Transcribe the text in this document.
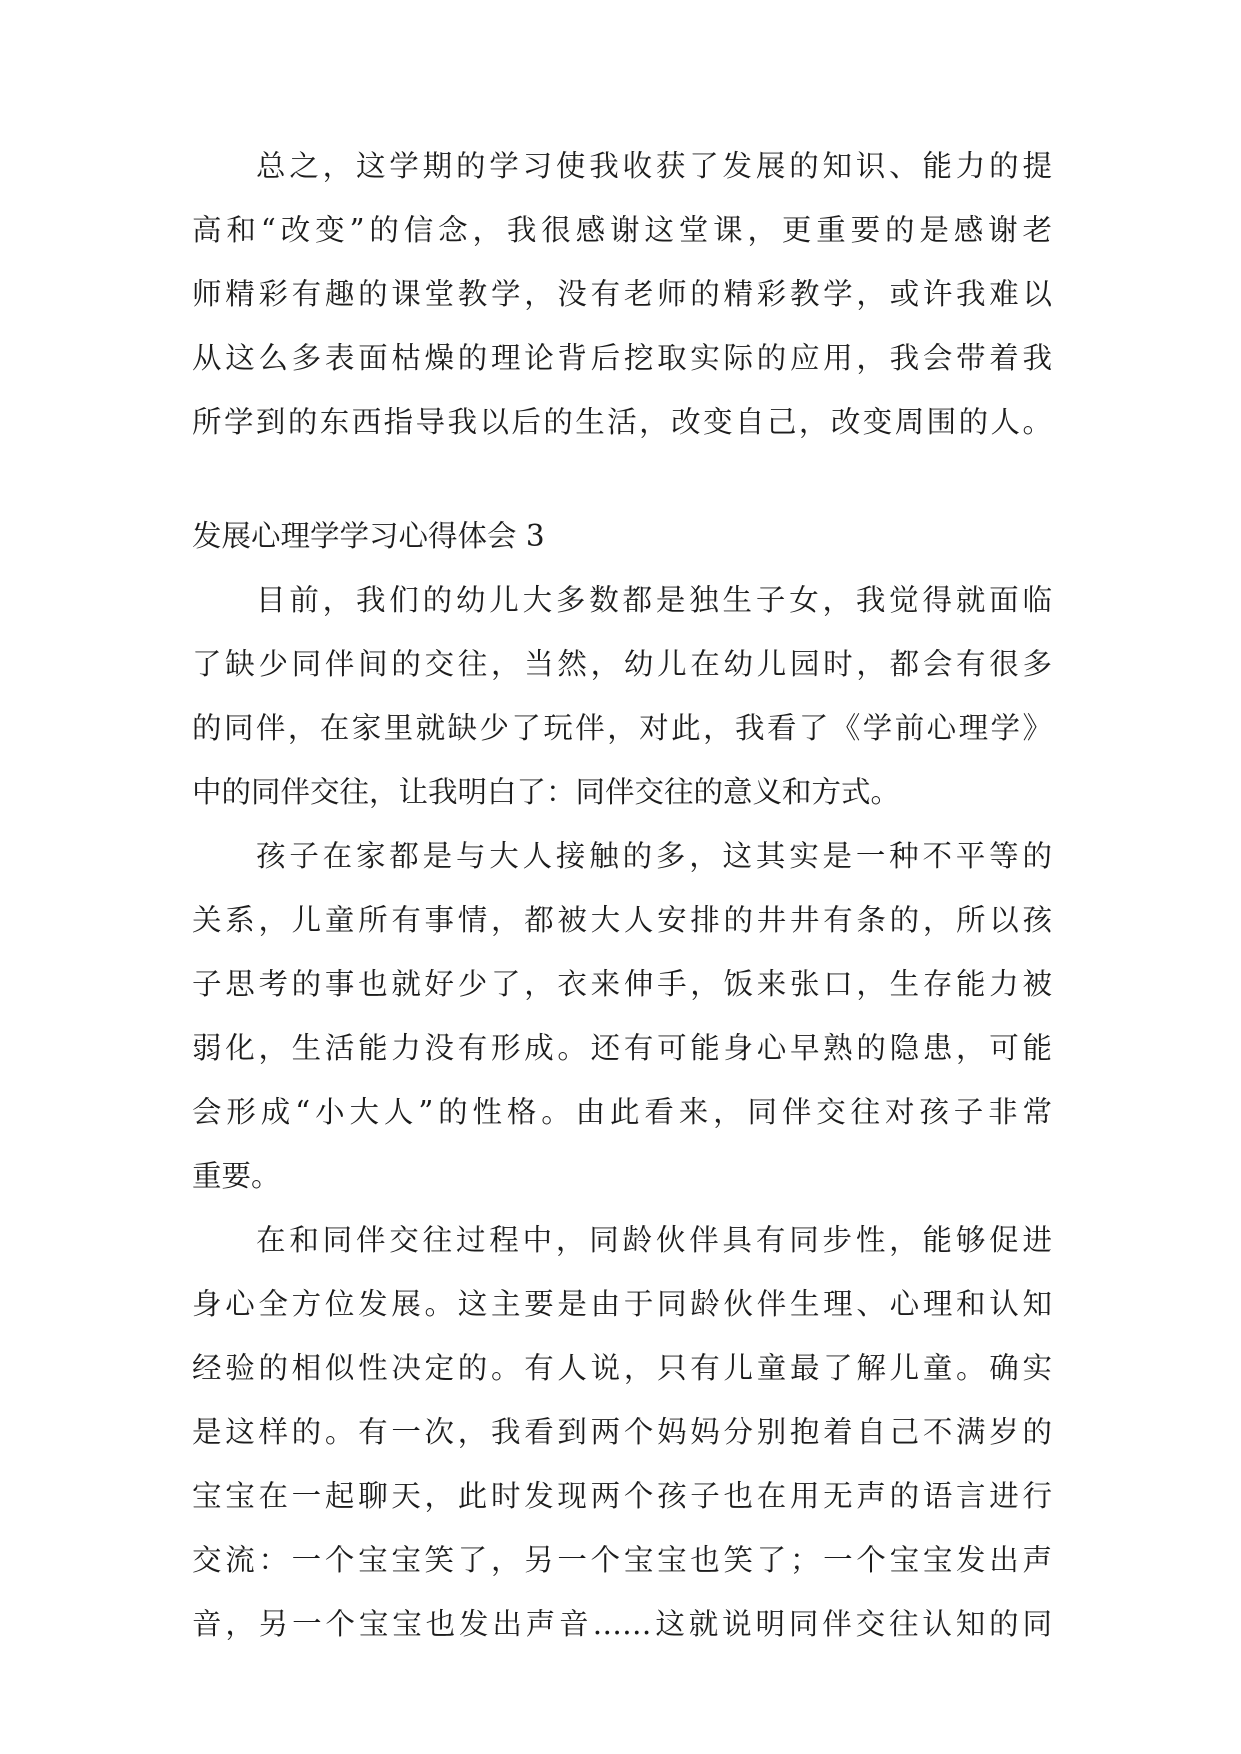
总之，这学期的学习使我收获了发展的知识、能力的提
高和“改变”的信念，我很感谢这堂课，更重要的是感谢老
师精彩有趣的课堂教学，没有老师的精彩教学，或许我难以
从这么多表面枯燥的理论背后挖取实际的应用，我会带着我
所学到的东西指导我以后的生活，改变自己，改变周围的人。
发展心理学学习心得体会 3
目前，我们的幼儿大多数都是独生子女，我觉得就面临
了缺少同伴间的交往，当然，幼儿在幼儿园时，都会有很多
的同伴，在家里就缺少了玩伴，对此，我看了《学前心理学》
中的同伴交往，让我明白了：同伴交往的意义和方式。
孩子在家都是与大人接触的多，这其实是一种不平等的
关系，儿童所有事情，都被大人安排的井井有条的，所以孩
子思考的事也就好少了，衣来伸手，饭来张口，生存能力被
弱化，生活能力没有形成。还有可能身心早熟的隐患，可能
会形成“小大人”的性格。由此看来，同伴交往对孩子非常
重要。
在和同伴交往过程中，同龄伙伴具有同步性，能够促进
身心全方位发展。这主要是由于同龄伙伴生理、心理和认知
经验的相似性决定的。有人说，只有儿童最了解儿童。确实
是这样的。有一次，我看到两个妈妈分别抱着自己不满岁的
宝宝在一起聊天，此时发现两个孩子也在用无声的语言进行
交流：一个宝宝笑了，另一个宝宝也笑了；一个宝宝发出声
音，另一个宝宝也发出声音……这就说明同伴交往认知的同
